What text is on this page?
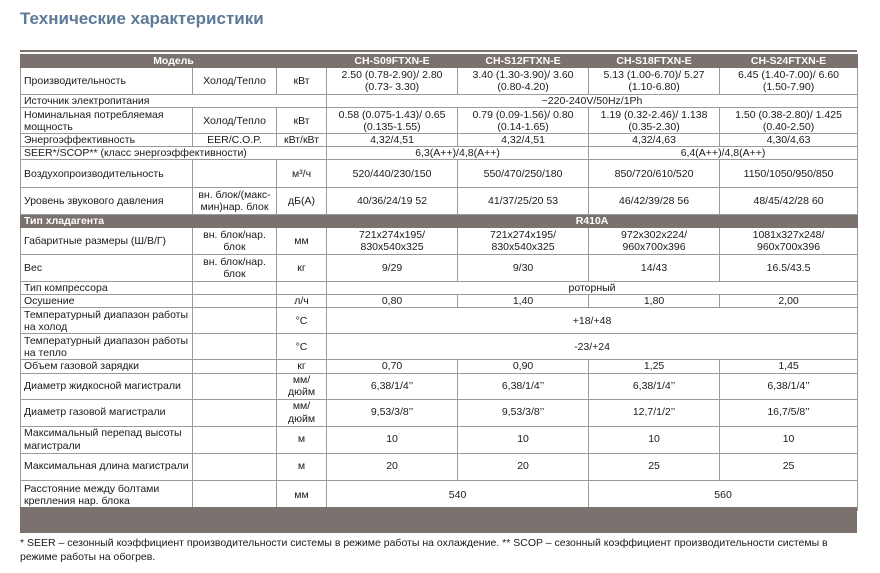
Технические характеристики
Модель			CH-S09FTXN-E	CH-S12FTXN-E	CH-S18FTXN-E	CH-S24FTXN-E
Производительность	Холод/Тепло	кВт	2.50 (0.78-2.90)/ 2.80 (0.73- 3.30)	3.40 (1.30-3.90)/ 3.60 (0.80-4.20)	5.13 (1.00-6.70)/ 5.27 (1.10-6.80)	6.45 (1.40-7.00)/ 6.60 (1.50-7.90)
Источник электропитания			~220-240V/50Hz/1Ph			
Номинальная потребляемая мощность	Холод/Тепло	кВт	0.58 (0.075-1.43)/ 0.65 (0.135-1.55)	0.79 (0.09-1.56)/ 0.80 (0.14-1.65)	1.19 (0.32-2.46)/ 1.138 (0.35-2.30)	1.50 (0.38-2.80)/ 1.425 (0.40-2.50)
Энергоэффективность	EER/C.O.P.	кВт/кВт	4,32/4,51	4,32/4,51	4,32/4,63	4,30/4,63
SEER*/SCOP** (класс энергоэффективности)			6,3(A++)/4,8(A++)		6,4(A++)/4,8(A++)	
Воздухопроизводительность		м³/ч	520/440/230/150	550/470/250/180	850/720/610/520	1150/1050/950/850
Уровень звукового давления	вн. блок/(макс-мин)нар. блок	дБ(А)	40/36/24/19 52	41/37/25/20 53	46/42/39/28 56	48/45/42/28 60
Тип хладагента			R410A			
Габаритные размеры (Ш/В/Г)	вн. блок/нар. блок	мм	721x274x195/ 830x540x325	721x274x195/ 830x540x325	972x302x224/ 960x700x396	1081x327x248/ 960x700x396
Вес	вн. блок/нар. блок	кг	9/29	9/30	14/43	16.5/43.5
Тип компрессора			роторный			
Осушение		л/ч	0,80	1,40	1,80	2,00
Температурный диапазон работы на холод		°С	+18/+48			
Температурный диапазон работы на тепло		°С	-23/+24			
Объем газовой зарядки		кг	0,70	0,90	1,25	1,45
Диаметр жидкосной магистрали		мм/ дюйм	6,38/1/4’’	6,38/1/4’’	6,38/1/4’’	6,38/1/4’’
Диаметр газовой магистрали		мм/ дюйм	9,53/3/8’’	9,53/3/8’’	12,7/1/2’’	16,7/5/8’’
Максимальный перепад высоты магистрали		м	10	10	10	10
Максимальная длина магистрали		м	20	20	25	25
Расстояние между болтами крепления нар. блока		мм	540		560	
* SEER – сезонный коэффициент производительности системы в режиме работы на охлаждение. ** SCOP – сезонный коэффициент производительности системы в режиме работы на обогрев.
